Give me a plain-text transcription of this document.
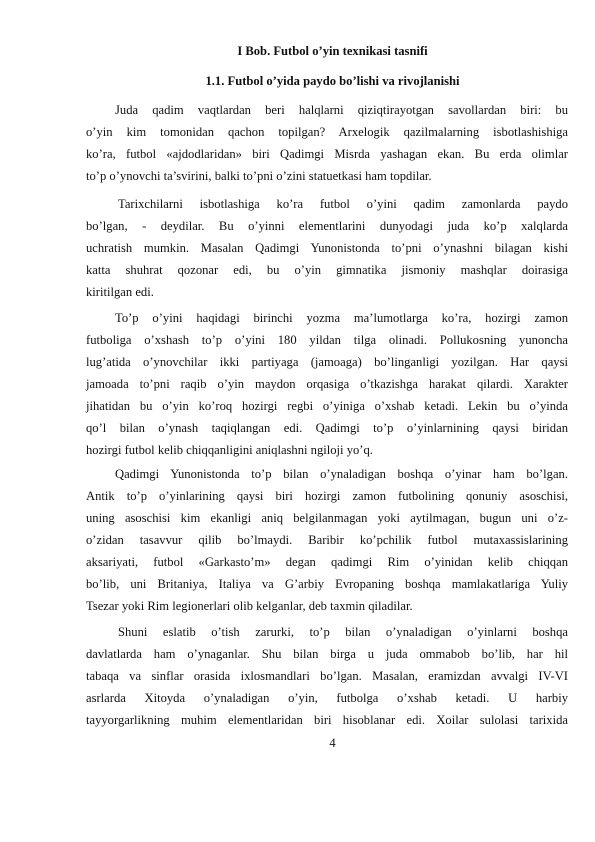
I Bob. Futbol o’yin texnikasi tasnifi
1.1. Futbol o’yida paydo bo’lishi va rivojlanishi
Juda qadim vaqtlardan beri halqlarni qiziqtirayotgan savollardan biri: bu
o’yin kim tomonidan qachon topilgan? Arxelogik qazilmalarning isbotlashishiga
ko’ra, futbol «ajdodlaridan» biri Qadimgi Misrda yashagan ekan. Bu erda olimlar
to’p o’ynovchi ta’svirini, balki to’pni o’zini statuetkasi ham topdilar.
Tarixchilarni isbotlashiga ko’ra futbol o’yini qadim zamonlarda paydo
bo’lgan, - deydilar. Bu o’yinni elementlarini dunyodagi juda ko’p xalqlarda
uchratish mumkin. Masalan Qadimgi Yunonistonda to’pni o’ynashni bilagan kishi
katta shuhrat qozonar edi, bu o’yin gimnatika jismoniy mashqlar doirasiga
kiritilgan edi.
To’p o’yini haqidagi birinchi yozma ma’lumotlarga ko’ra, hozirgi zamon
futboliga o’xshash to’p o’yini 180 yildan tilga olinadi. Pollukosning yunoncha
lug’atida o’ynovchilar ikki partiyaga (jamoaga) bo’linganligi yozilgan. Har qaysi
jamoada to’pni raqib o’yin maydon orqasiga o’tkazishga harakat qilardi. Xarakter
jihatidan bu o’yin ko’roq hozirgi regbi o’yiniga o’xshab ketadi. Lekin bu o’yinda
qo’l bilan o’ynash taqiqlangan edi. Qadimgi to’p o’yinlarnining qaysi biridan
hozirgi futbol kelib chiqqanligini aniqlashni ngiloji yo’q.
Qadimgi Yunonistonda to’p bilan o’ynaladigan boshqa o’yinar ham bo’lgan.
Antik to’p o’yinlarining qaysi biri hozirgi zamon futbolining qonuniy asoschisi,
uning asoschisi kim ekanligi aniq belgilanmagan yoki aytilmagan, bugun uni o’z-
o’zidan tasavvur qilib bo’lmaydi. Baribir ko’pchilik futbol mutaxassislarining
aksariyati, futbol «Garkasto’m» degan qadimgi Rim o’yinidan kelib chiqqan
bo’lib, uni Britaniya, Italiya va G’arbiy Evropaning boshqa mamlakatlariga Yuliy
Tsezar yoki Rim legionerlari olib kelganlar, deb taxmin qiladilar.
Shuni eslatib o’tish zarurki, to’p bilan o’ynaladigan o’yinlarni boshqa
davlatlarda ham o’ynaganlar. Shu bilan birga u juda ommabob bo’lib, har hil
tabaqa va sinflar orasida ixlosmandlari bo’lgan. Masalan, eramizdan avvalgi IV-VI
asrlarda Xitoyda o’ynaladigan o’yin, futbolga o’xshab ketadi. U harbiy
tayyorgarlikning muhim elementlaridan biri hisoblanar edi. Xoilar sulolasi tarixida
4
